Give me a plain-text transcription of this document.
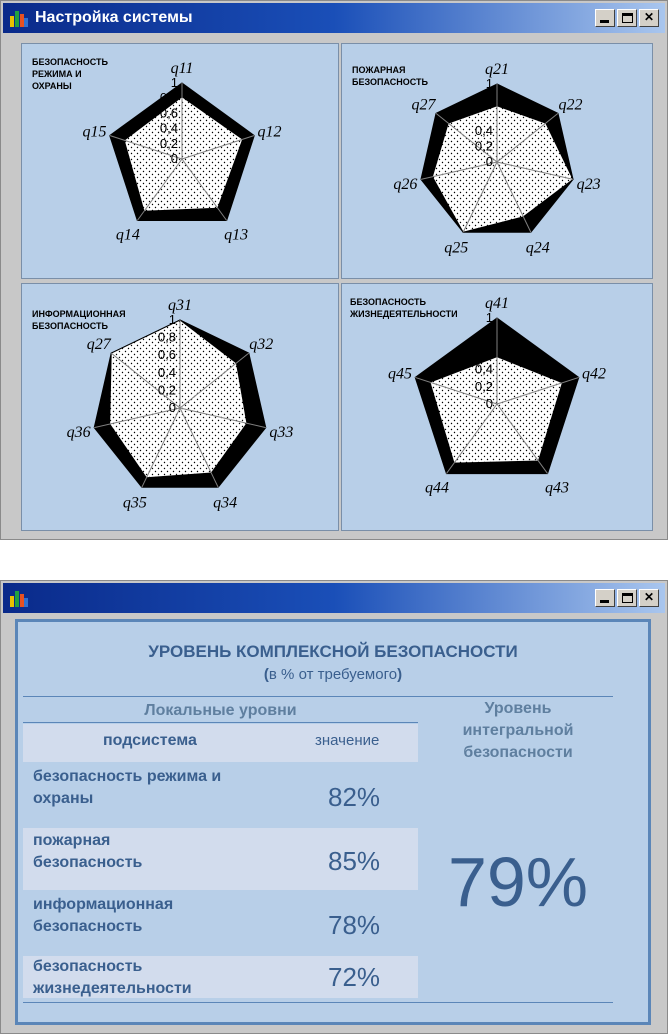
Настройка системы	✕
БЕЗОПАСНОСТЬ
РЕЖИМА И
ОХРАНЫ
0
0,2
0,4
0,6
0,8
1
q11
q12
q13
q14
q15
ПОЖАРНАЯ
БЕЗОПАСНОСТЬ
0
0,2
0,4
1
q21
q22
q23
q24
q25
q26
q27
ИНФОРМАЦИОННАЯ
БЕЗОПАСНОСТЬ
0
0,2
0,4
0,6
0,8
1
q31
q32
q33
q34
q35
q36
q27
БЕЗОПАСНОСТЬ
ЖИЗНЕДЕЯТЕЛЬНОСТИ
0
0,2
0,4
1
q41
q42
q43
q44
q45
✕
УРОВЕНЬ КОМПЛЕКСНОЙ БЕЗОПАСНОСТИ
(в % от требуемого)
Локальные уровни
подсистема	значение
безопасность режима и
охраны	82%
пожарная
безопасность	85%
информационная
безопасность	78%
безопасность
жизнедеятельности	72%
Уровень
интегральной
безопасности
79%
